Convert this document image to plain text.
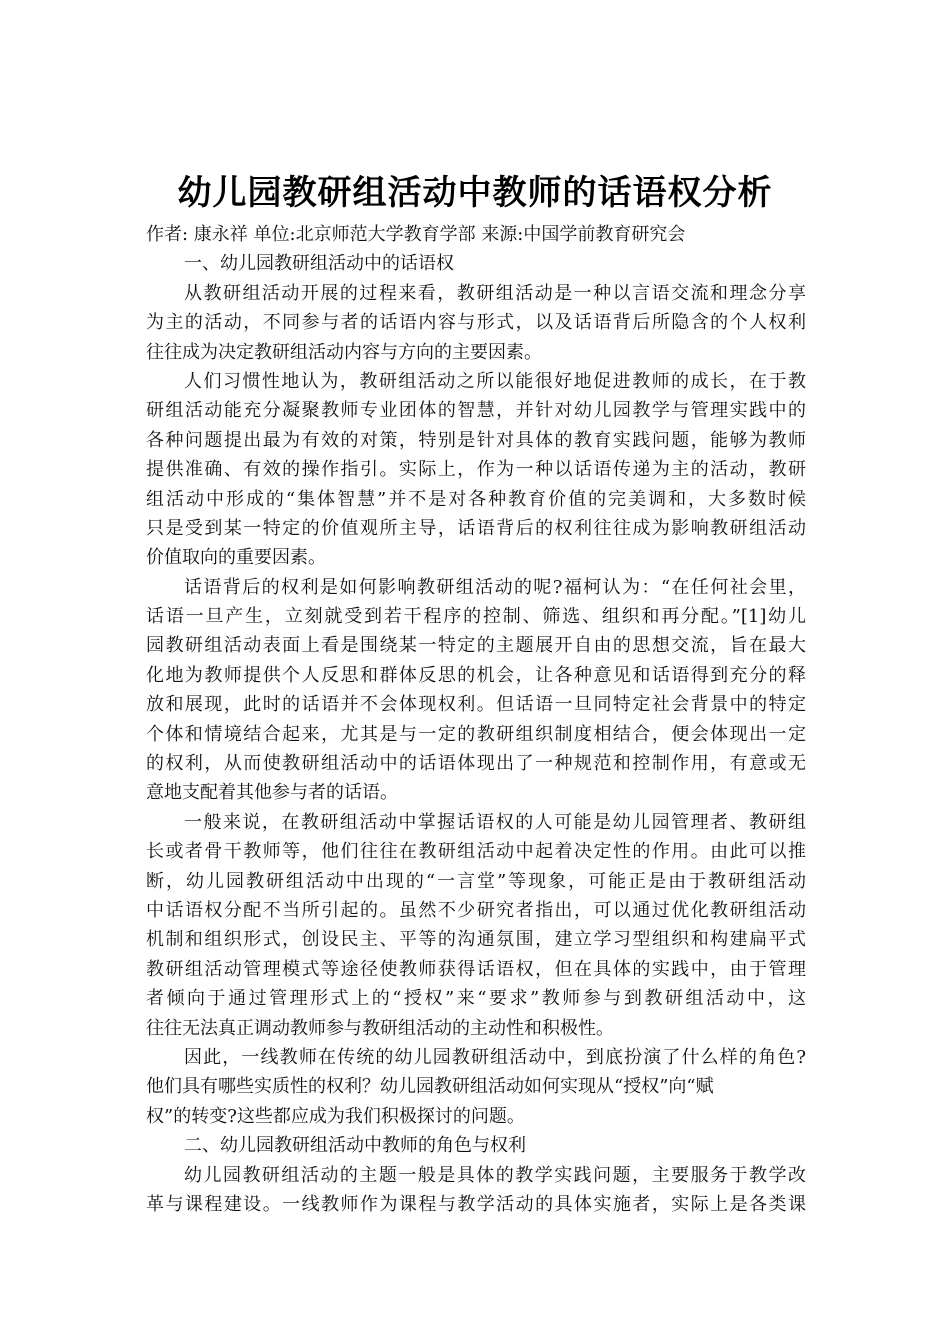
幼儿园教研组活动中教师的话语权分析
作者: 康永祥 单位:北京师范大学教育学部 来源:中国学前教育研究会
一、幼儿园教研组活动中的话语权
从教研组活动开展的过程来看，教研组活动是一种以言语交流和理念分享
为主的活动，不同参与者的话语内容与形式，以及话语背后所隐含的个人权利
往往成为决定教研组活动内容与方向的主要因素。
人们习惯性地认为，教研组活动之所以能很好地促进教师的成长，在于教
研组活动能充分凝聚教师专业团体的智慧，并针对幼儿园教学与管理实践中的
各种问题提出最为有效的对策，特别是针对具体的教育实践问题，能够为教师
提供准确、有效的操作指引。实际上，作为一种以话语传递为主的活动，教研
组活动中形成的“集体智慧”并不是对各种教育价值的完美调和，大多数时候
只是受到某一特定的价值观所主导，话语背后的权利往往成为影响教研组活动
价值取向的重要因素。
话语背后的权利是如何影响教研组活动的呢?福柯认为：“在任何社会里，
话语一旦产生，立刻就受到若干程序的控制、筛选、组织和再分配。”[1]幼儿
园教研组活动表面上看是围绕某一特定的主题展开自由的思想交流，旨在最大
化地为教师提供个人反思和群体反思的机会，让各种意见和话语得到充分的释
放和展现，此时的话语并不会体现权利。但话语一旦同特定社会背景中的特定
个体和情境结合起来，尤其是与一定的教研组织制度相结合，便会体现出一定
的权利，从而使教研组活动中的话语体现出了一种规范和控制作用，有意或无
意地支配着其他参与者的话语。
一般来说，在教研组活动中掌握话语权的人可能是幼儿园管理者、教研组
长或者骨干教师等，他们往往在教研组活动中起着决定性的作用。由此可以推
断，幼儿园教研组活动中出现的“一言堂”等现象，可能正是由于教研组活动
中话语权分配不当所引起的。虽然不少研究者指出，可以通过优化教研组活动
机制和组织形式，创设民主、平等的沟通氛围，建立学习型组织和构建扁平式
教研组活动管理模式等途径使教师获得话语权，但在具体的实践中，由于管理
者倾向于通过管理形式上的“授权”来“要求”教师参与到教研组活动中，这
往往无法真正调动教师参与教研组活动的主动性和积极性。
因此，一线教师在传统的幼儿园教研组活动中，到底扮演了什么样的角色?
他们具有哪些实质性的权利？幼儿园教研组活动如何实现从“授权”向“赋
权”的转变?这些都应成为我们积极探讨的问题。
二、幼儿园教研组活动中教师的角色与权利
幼儿园教研组活动的主题一般是具体的教学实践问题，主要服务于教学改
革与课程建设。一线教师作为课程与教学活动的具体实施者，实际上是各类课
